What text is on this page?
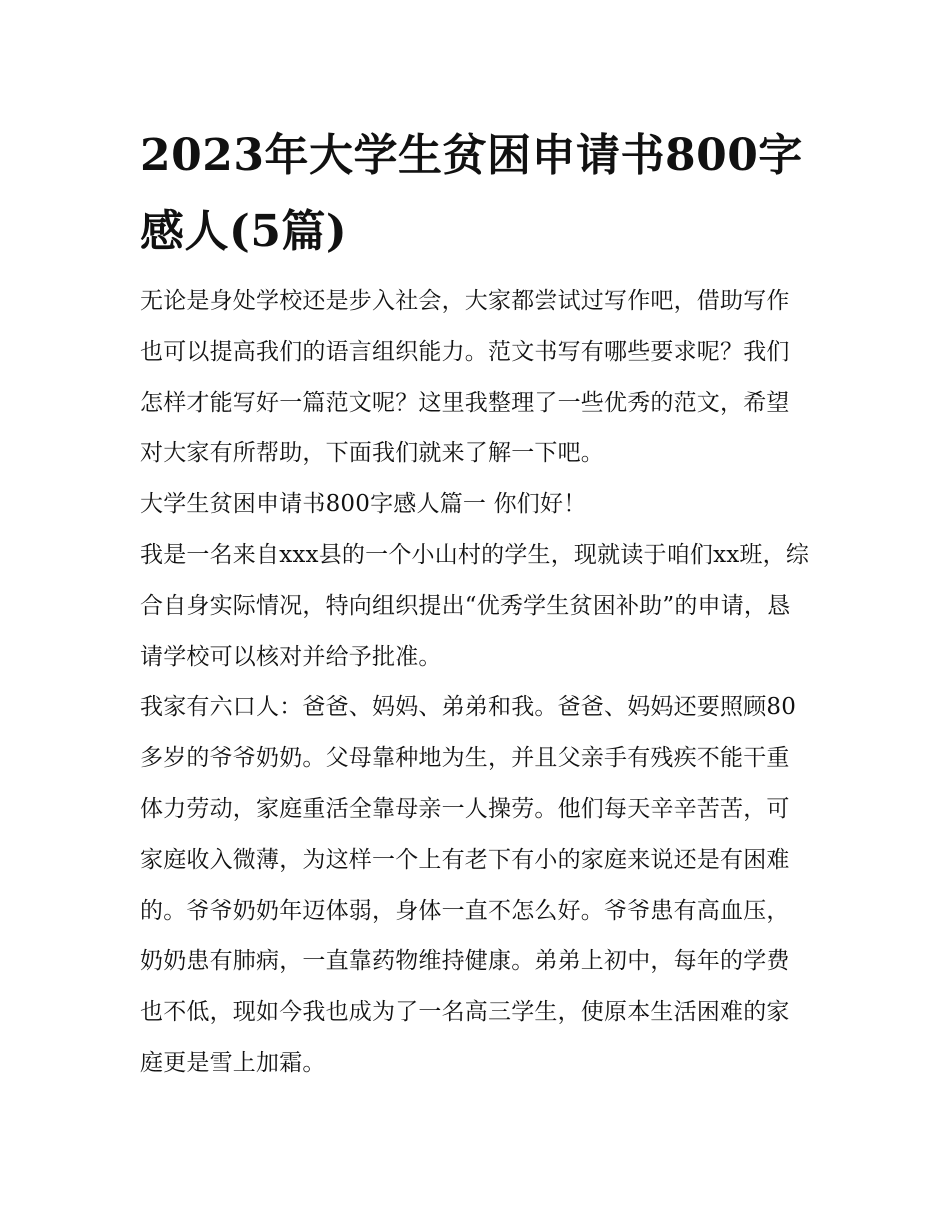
2023年大学生贫困申请书800字感人(5篇)

无论是身处学校还是步入社会，大家都尝试过写作吧，借助写作也可以提高我们的语言组织能力。范文书写有哪些要求呢？我们怎样才能写好一篇范文呢？这里我整理了一些优秀的范文，希望对大家有所帮助，下面我们就来了解一下吧。

大学生贫困申请书800字感人篇一 你们好！

我是一名来自xxx县的一个小山村的学生，现就读于咱们xx班，综合自身实际情况，特向组织提出“优秀学生贫困补助”的申请，恳请学校可以核对并给予批准。

我家有六口人：爸爸、妈妈、弟弟和我。爸爸、妈妈还要照顾80多岁的爷爷奶奶。父母靠种地为生，并且父亲手有残疾不能干重体力劳动，家庭重活全靠母亲一人操劳。他们每天辛辛苦苦，可家庭收入微薄，为这样一个上有老下有小的家庭来说还是有困难的。爷爷奶奶年迈体弱，身体一直不怎么好。爷爷患有高血压，奶奶患有肺病，一直靠药物维持健康。弟弟上初中，每年的学费也不低，现如今我也成为了一名高三学生，使原本生活困难的家庭更是雪上加霜。
